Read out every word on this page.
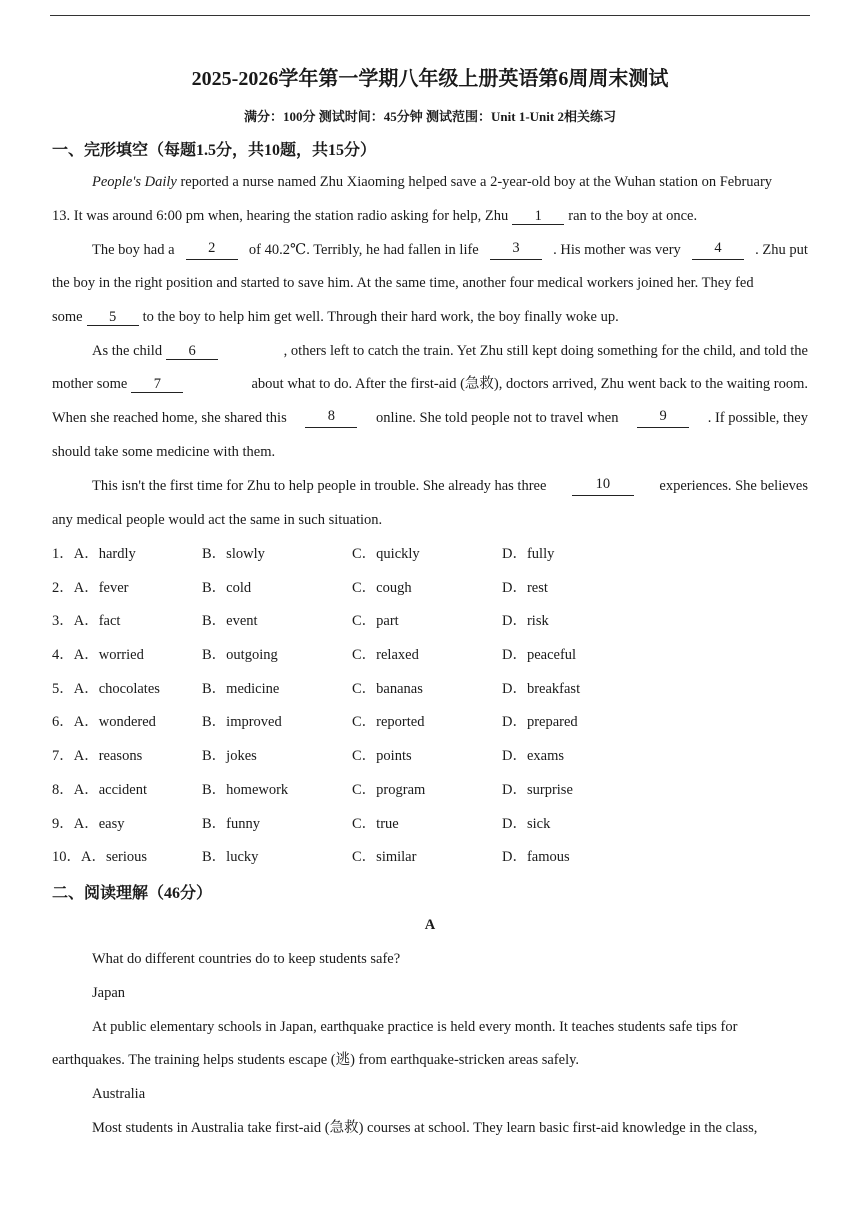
2025-2026学年第一学期八年级上册英语第6周周末测试
满分：100分 测试时间：45分钟 测试范围：Unit 1-Unit 2相关练习
一、完形填空（每题1.5分，共10题，共15分）
People's Daily reported a nurse named Zhu Xiaoming helped save a 2-year-old boy at the Wuhan station on February
13. It was around 6:00 pm when, hearing the station radio asking for help, Zhu 1 ran to the boy at once.
The boy had a	2	of 40.2℃. Terribly, he had fallen in life	3	. His mother was very	4	. Zhu put
the boy in the right position and started to save him. At the same time, another four medical workers joined her. They fed
some 5 to the boy to help him get well. Through their hard work, the boy finally woke up.
As the child 6	, others left to catch the train. Yet Zhu still kept doing something for the child, and told the
mother some 7	about what to do. After the first-aid (急救), doctors arrived, Zhu went back to the waiting room.
When she reached home, she shared this	8	online. She told people not to travel when	9	. If possible, they
should take some medicine with them.
This isn't the first time for Zhu to help people in trouble. She already has three	10	experiences. She believes
any medical people would act the same in such situation.
1．A．hardly	B．slowly	C．quickly	D．fully
2．A．fever	B．cold	C．cough	D．rest
3．A．fact	B．event	C．part	D．risk
4．A．worried	B．outgoing	C．relaxed	D．peaceful
5．A．chocolates	B．medicine	C．bananas	D．breakfast
6．A．wondered	B．improved	C．reported	D．prepared
7．A．reasons	B．jokes	C．points	D．exams
8．A．accident	B．homework	C．program	D．surprise
9．A．easy	B．funny	C．true	D．sick
10．A．serious	B．lucky	C．similar	D．famous
二、阅读理解（46分）
A
What do different countries do to keep students safe?
Japan
At public elementary schools in Japan, earthquake practice is held every month. It teaches students safe tips for
earthquakes. The training helps students escape (逃) from earthquake-stricken areas safely.
Australia
Most students in Australia take first-aid (急救) courses at school. They learn basic first-aid knowledge in the class,
